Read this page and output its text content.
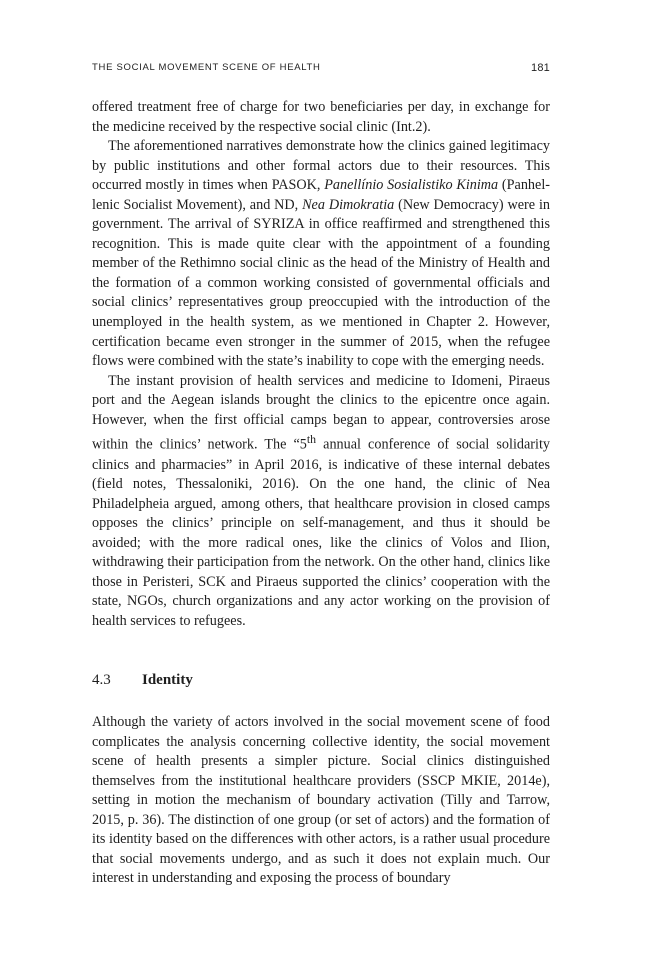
THE SOCIAL MOVEMENT SCENE OF HEALTH	181

offered treatment free of charge for two beneficiaries per day, in exchange for the medicine received by the respective social clinic (Int.2).

The aforementioned narratives demonstrate how the clinics gained legitimacy by public institutions and other formal actors due to their resources. This occurred mostly in times when PASOK, Panellínio Sosialistiko Kinima (Panhellenic Socialist Movement), and ND, Nea Dimokratia (New Democracy) were in government. The arrival of SYRIZA in office reaffirmed and strengthened this recognition. This is made quite clear with the appointment of a founding member of the Rethimno social clinic as the head of the Ministry of Health and the formation of a common working consisted of governmental officials and social clinics’ representatives group preoccupied with the introduction of the unemployed in the health system, as we mentioned in Chapter 2. However, certification became even stronger in the summer of 2015, when the refugee flows were combined with the state’s inability to cope with the emerging needs.

The instant provision of health services and medicine to Idomeni, Piraeus port and the Aegean islands brought the clinics to the epicentre once again. However, when the first official camps began to appear, controversies arose within the clinics’ network. The “5th annual conference of social solidarity clinics and pharmacies” in April 2016, is indicative of these internal debates (field notes, Thessaloniki, 2016). On the one hand, the clinic of Nea Philadelpheia argued, among others, that healthcare provision in closed camps opposes the clinics’ principle on self-management, and thus it should be avoided; with the more radical ones, like the clinics of Volos and Ilion, withdrawing their participation from the network. On the other hand, clinics like those in Peristeri, SCK and Piraeus supported the clinics’ cooperation with the state, NGOs, church organizations and any actor working on the provision of health services to refugees.

4.3 Identity

Although the variety of actors involved in the social movement scene of food complicates the analysis concerning collective identity, the social movement scene of health presents a simpler picture. Social clinics distinguished themselves from the institutional healthcare providers (SSCP MKIE, 2014e), setting in motion the mechanism of boundary activation (Tilly and Tarrow, 2015, p. 36). The distinction of one group (or set of actors) and the formation of its identity based on the differences with other actors, is a rather usual procedure that social movements undergo, and as such it does not explain much. Our interest in understanding and exposing the process of boundary
